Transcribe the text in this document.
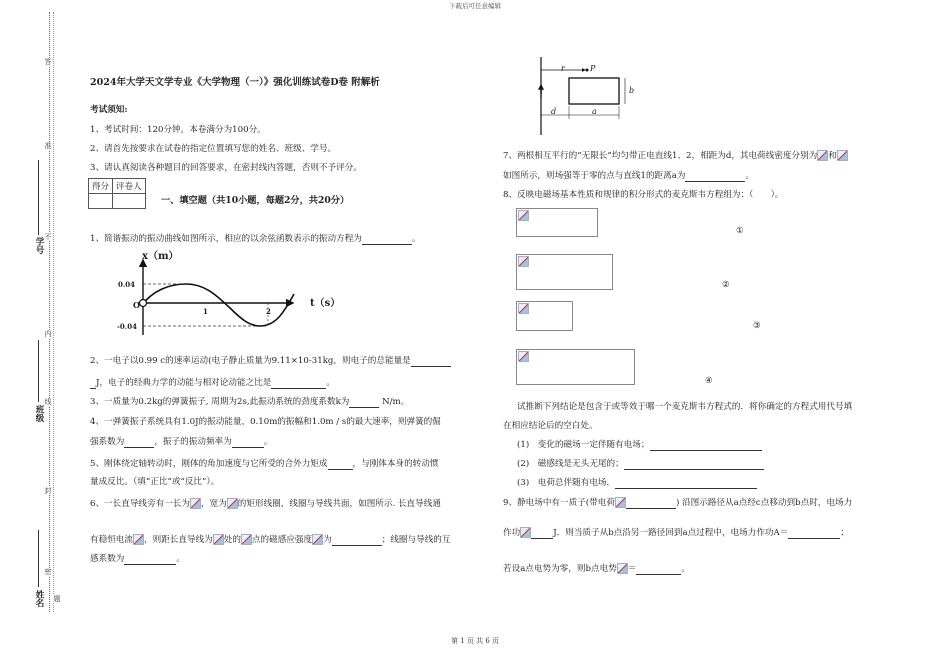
下载后可任意编辑
第 1 页 共 6 页
答
准
不
内
线
封
密
题
学号
班级
姓名
2024年大学天文学专业《大学物理（一）》强化训练试卷D卷 附解析
考试须知:
1、考试时间：120分钟，本卷满分为100分。
2、请首先按要求在试卷的指定位置填写您的姓名、班级、学号。
3、请认真阅读各种题目的回答要求，在密封线内答题，否则不予评分。
得分	评卷人

一、填空题（共10小题，每题2分，共20分）
1、简谐振动的振动曲线如图所示，相应的以余弦函数表示的振动方程为	。
x（m）
t（s）
0.04
-0.04
O
1	2
2、一电子以0.99 c的速率运动(电子静止质量为9.11×10-31kg，则电子的总能量是
J，电子的经典力学的动能与相对论动能之比是	。
3、一质量为0.2kg的弹簧振子, 周期为2s,此振动系统的劲度系数k为	N/m。
4、一弹簧振子系统具有1.0J的振动能量，0.10m的振幅和1.0m / s的最大速率，则弹簧的倔
强系数为	，振子的振动频率为	。
5、刚体绕定轴转动时，刚体的角加速度与它所受的合外力矩成	，与刚体本身的转动惯
量成反比。（填“正比”或“反比”）。
6、一长直导线旁有一长为 ，宽为 的矩形线圈，线圈与导线共面，如图所示. 长直导线通
有稳恒电流 ，则距长直导线为 处的 点的磁感应强度 为	；线圈与导线的互
感系数为	。
r	P
I	b
d	a
7、两根相互平行的“无限长”均匀带正电直线1、2，相距为d，其电荷线密度分别为 和
如图所示，则场强等于零的点与直线1的距离a为	。
8、反映电磁场基本性质和规律的积分形式的麦克斯韦方程组为：（　　）。
①
②
③
④
试推断下列结论是包含于或等效于哪一个麦克斯韦方程式的．将你确定的方程式用代号填
在相应结论后的空白处。
(1)　变化的磁场一定伴随有电场；
(2)　磁感线是无头无尾的；
(3)　电荷总伴随有电场．
9、静电场中有一质子(带电荷	) 沿图示路径从a点经c点移动到b点时，电场力
作功	J．则当质子从b点沿另一路径回到a点过程中，电场力作功A＝	；
若设a点电势为零，则b点电势 ＝	。
